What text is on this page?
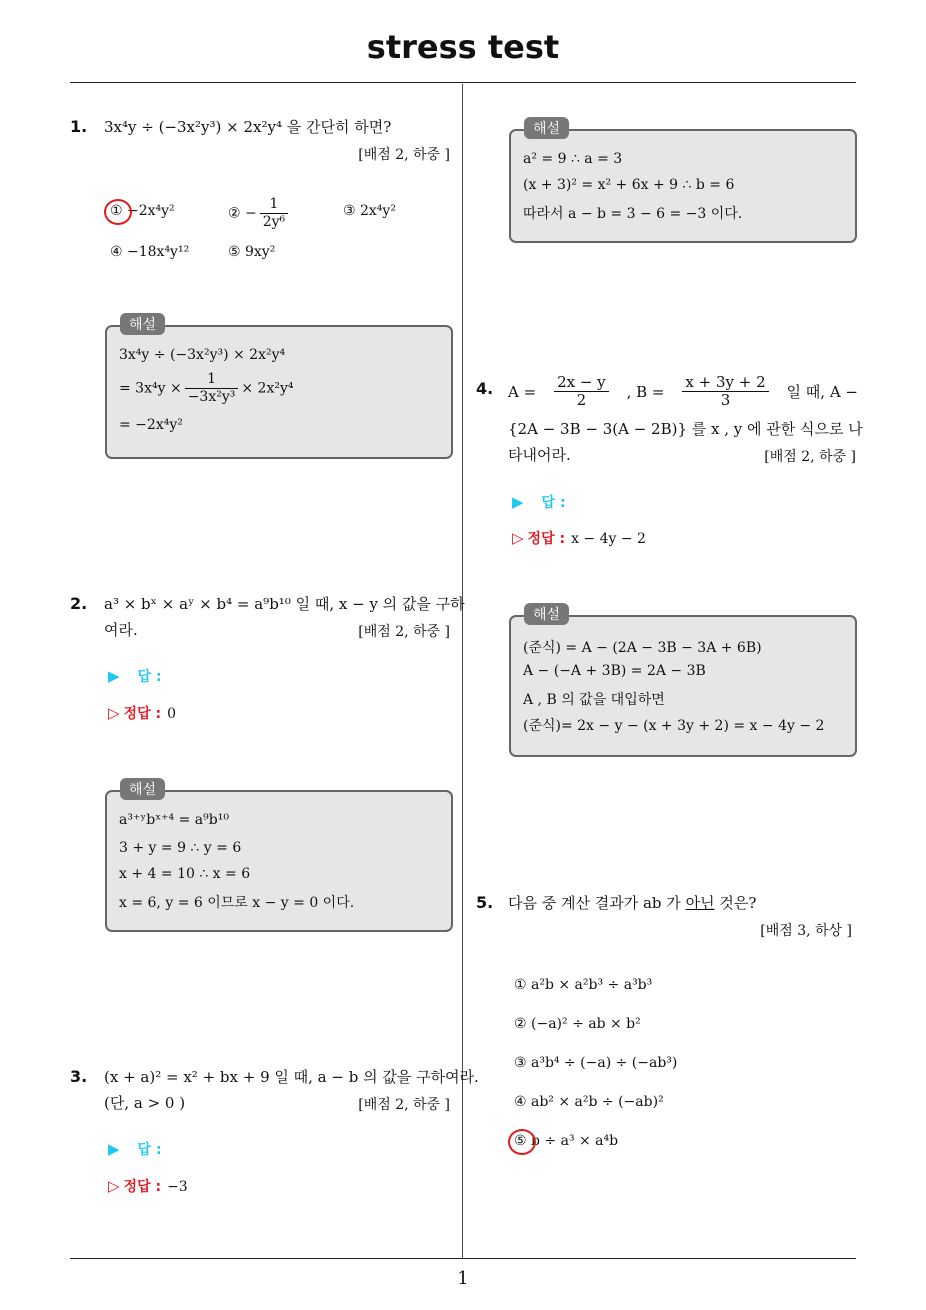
stress test
1
1. 3x⁴y ÷ (−3x²y³) × 2x²y⁴ 을 간단히 하면?
[배점 2, 하중 ]
① −2x⁴y²	② − $\frac{1}{\text{2y⁶}}$	③ 2x⁴y²
④ −18x⁴y¹²	⑤ 9xy²
3x⁴y ÷ (−3x²y³) × 2x²y⁴
= $3x^4y \times \frac{1}{\text{−3x²y³}} \times 2x^2y^4$
= −2x⁴y²
해설
2. a³ × bˣ × aʸ × b⁴ = a⁹b¹⁰ 일 때, x − y 의 값을 구하
여라.	[배점 2, 하중 ]
▶ 답 :
▷ 정답 : 0
a³⁺ʸbˣ⁺⁴ = a⁹b¹⁰
3 + y = 9 ∴ y = 6
x + 4 = 10 ∴ x = 6
x = 6, y = 6 이므로 x − y = 0 이다.
해설
3. (x + a)² = x² + bx + 9 일 때, a − b 의 값을 구하여라.
(단, a > 0 )	[배점 2, 하중 ]
▶ 답 :
▷ 정답 : −3
a² = 9 ∴ a = 3
(x + 3)² = x² + 6x + 9 ∴ b = 6
따라서 a − b = 3 − 6 = −3 이다.
해설
4. $A = \frac{2x - y}{2}$ , $B = \frac{x + 3y + 2}{3}$ 일 때, A −
{2A − 3B − 3(A − 2B)} 를 x , y 에 관한 식으로 나
타내어라.	[배점 2, 하중 ]
▶ 답 :
▷ 정답 : x − 4y − 2
(준식) = A − (2A − 3B − 3A + 6B)
A − (−A + 3B) = 2A − 3B
A , B 의 값을 대입하면
(준식)= 2x − y − (x + 3y + 2) = x − 4y − 2
해설
5. 다음 중 계산 결과가 ab 가 아닌 것은?
[배점 3, 하상 ]
① a²b × a²b³ ÷ a³b³
② (−a)² ÷ ab × b²
③ a³b⁴ ÷ (−a) ÷ (−ab³)
④ ab² × a²b ÷ (−ab)²
⑤ b ÷ a³ × a⁴b
